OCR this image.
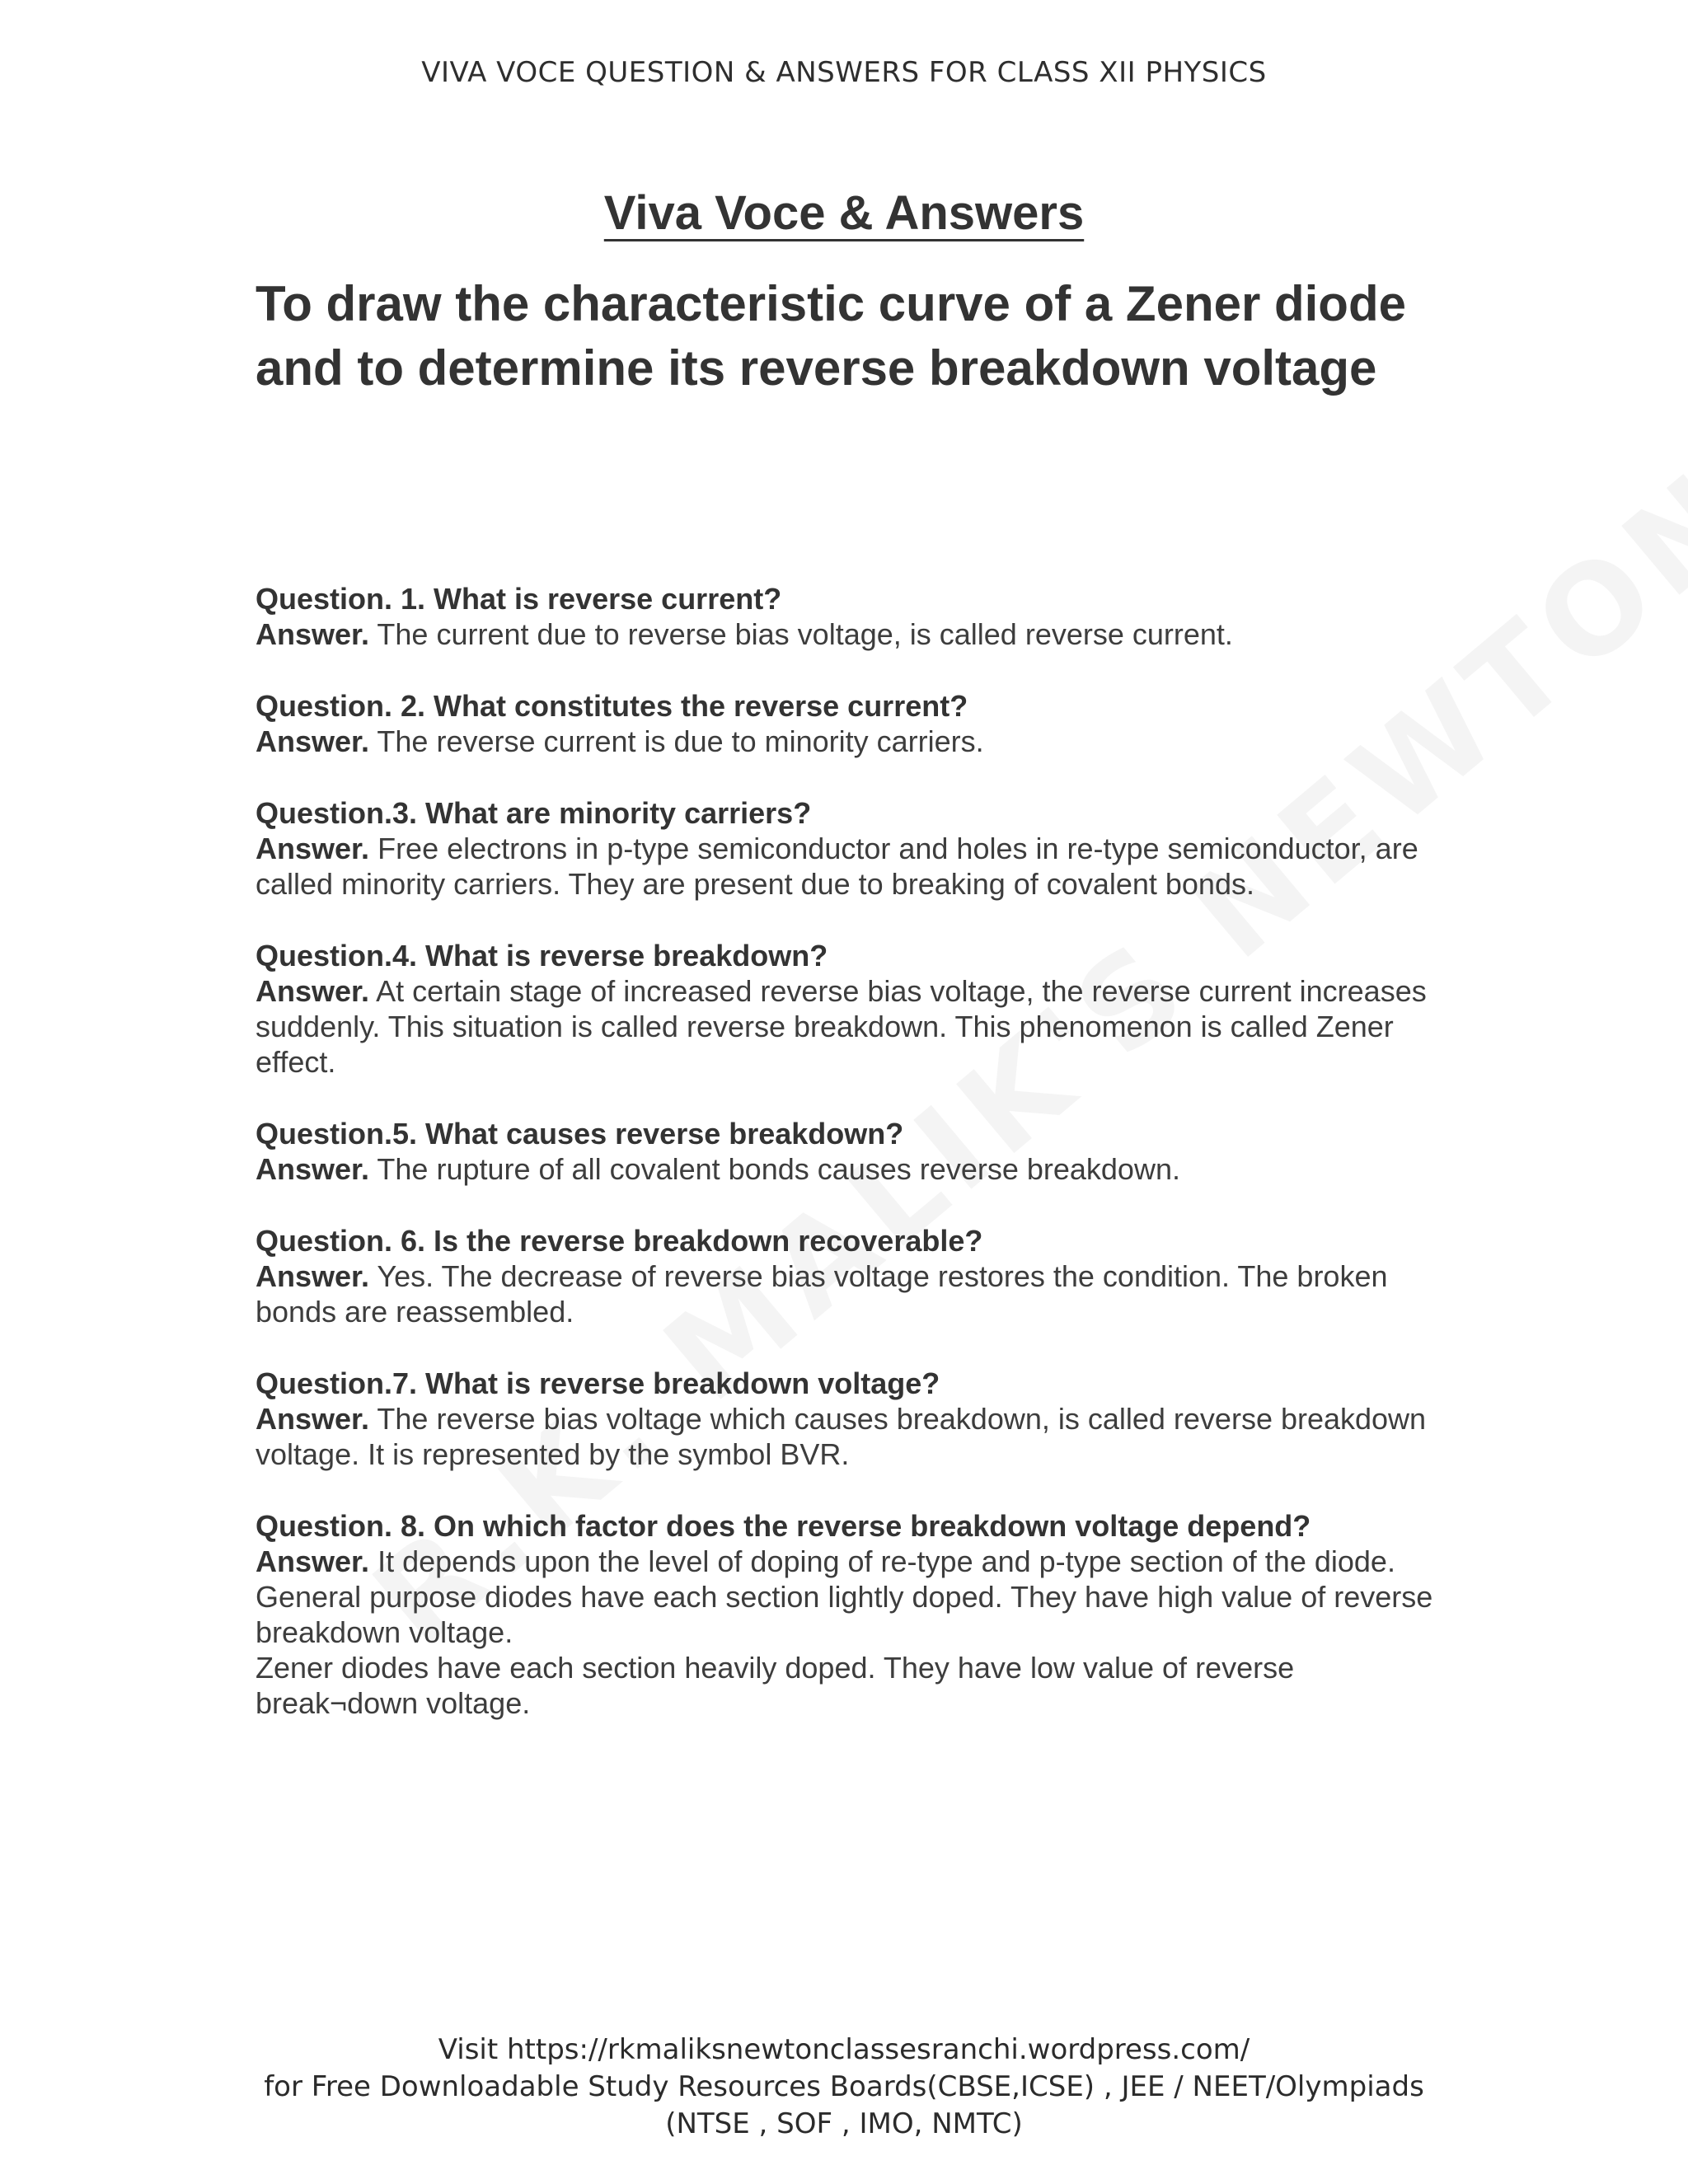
VIVA VOCE QUESTION & ANSWERS FOR CLASS XII PHYSICS
Viva Voce & Answers
To draw the characteristic curve of a Zener diode and to determine its reverse breakdown voltage

Question. 1. What is reverse current?

Answer. The current due to reverse bias voltage, is called reverse current.

Question. 2. What constitutes the reverse current?

Answer. The reverse current is due to minority carriers.

Question.3. What are minority carriers?

Answer. Free electrons in p-type semiconductor and holes in re-type semiconductor, are called minority carriers. They are present due to breaking of covalent bonds.

Question.4. What is reverse breakdown?

Answer. At certain stage of increased reverse bias voltage, the reverse current increases suddenly. This situation is called reverse breakdown. This phenomenon is called Zener effect.

Question.5. What causes reverse breakdown?

Answer. The rupture of all covalent bonds causes reverse breakdown.

Question. 6. Is the reverse breakdown recoverable?

Answer. Yes. The decrease of reverse bias voltage restores the condition. The broken bonds are reassembled.

Question.7. What is reverse breakdown voltage?

Answer. The reverse bias voltage which causes breakdown, is called reverse breakdown voltage. It is represented by the symbol BVR.

Question. 8. On which factor does the reverse breakdown voltage depend?

Answer. It depends upon the level of doping of re-type and p-type section of the diode.

General purpose diodes have each section lightly doped. They have high value of reverse breakdown voltage.

Zener diodes have each section heavily doped. They have low value of reverse break¬down voltage.

Visit https://rkmaliksnewtonclassesranchi.wordpress.com/

for Free Downloadable Study Resources Boards(CBSE,ICSE) , JEE / NEET/Olympiads

(NTSE , SOF , IMO, NMTC)
